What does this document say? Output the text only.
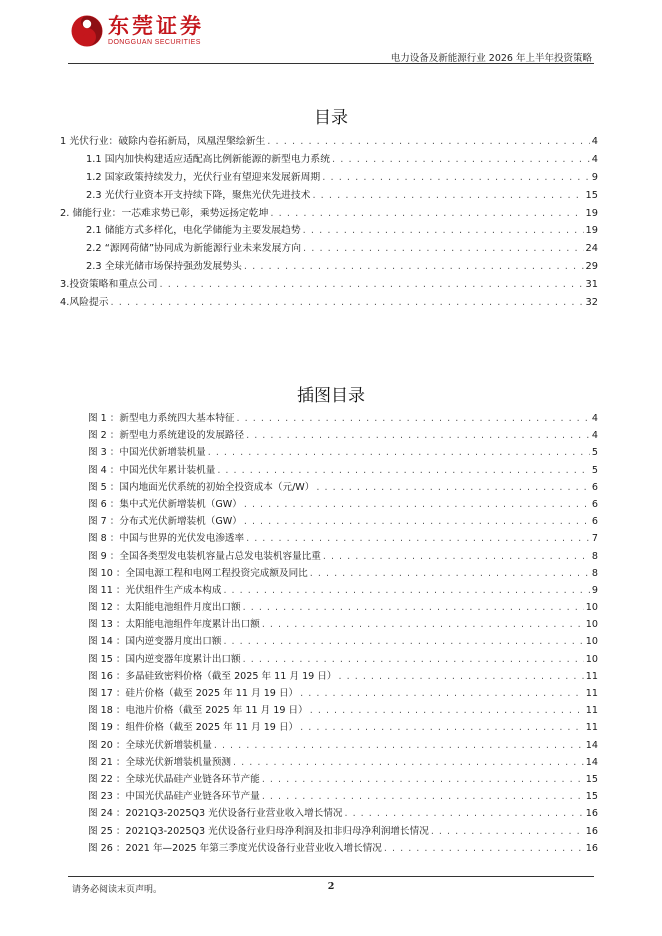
东莞证券
DONGGUAN SECURITIES
电力设备及新能源行业 2026 年上半年投资策略
目录
1 光伏行业：破除内卷拓新局，凤凰涅槃绘新生 . . .	4
1.1 国内加快构建适应适配高比例新能源的新型电力系统 . . .	4
1.2 国家政策持续发力，光伏行业有望迎来发展新周期 . . .	9
2.3 光伏行业资本开支持续下降，聚焦光伏先进技术 . . .	15
2. 储能行业：一芯难求势已彰，乘势远扬定乾坤 . . .	19
2.1 储能方式多样化，电化学储能为主要发展趋势 . . .	19
2.2 “源网荷储”协同成为新能源行业未来发展方向 . . .	24
2.3 全球光储市场保持强劲发展势头 . . .	29
3.投资策略和重点公司 . . .	31
4.风险提示 . . .	32
插图目录
图 1 ：新型电力系统四大基本特征 . . .	4
图 2 ：新型电力系统建设的发展路径 . . .	4
图 3 ：中国光伏新增装机量 . . .	5
图 4 ：中国光伏年累计装机量 . . .	5
图 5 ：国内地面光伏系统的初始全投资成本（元/W） . . .	6
图 6 ：集中式光伏新增装机（GW） . . .	6
图 7 ：分布式光伏新增装机（GW） . . .	6
图 8 ：中国与世界的光伏发电渗透率 . . .	7
图 9 ：全国各类型发电装机容量占总发电装机容量比重 . . .	8
图 10 ：全国电源工程和电网工程投资完成额及同比 . . .	8
图 11 ：光伏组件生产成本构成 . . .	9
图 12 ：太阳能电池组件月度出口额 . . .	10
图 13 ：太阳能电池组件年度累计出口额 . . .	10
图 14 ：国内逆变器月度出口额 . . .	10
图 15 ：国内逆变器年度累计出口额 . . .	10
图 16 ：多晶硅致密料价格（截至 2025 年 11 月 19 日） . . .	11
图 17 ：硅片价格（截至 2025 年 11 月 19 日） . . .	11
图 18 ：电池片价格（截至 2025 年 11 月 19 日） . . .	11
图 19 ：组件价格（截至 2025 年 11 月 19 日） . . .	11
图 20 ：全球光伏新增装机量 . . .	14
图 21 ：全球光伏新增装机量预测 . . .	14
图 22 ：全球光伏晶硅产业链各环节产能 . . .	15
图 23 ：中国光伏晶硅产业链各环节产量 . . .	15
图 24 ：2021Q3-2025Q3 光伏设备行业营业收入增长情况 . . .	16
图 25 ：2021Q3-2025Q3 光伏设备行业归母净利润及扣非归母净利润增长情况 . . .	16
图 26 ：2021 年—2025 年第三季度光伏设备行业营业收入增长情况 . . .	16
请务必阅读末页声明。	2
